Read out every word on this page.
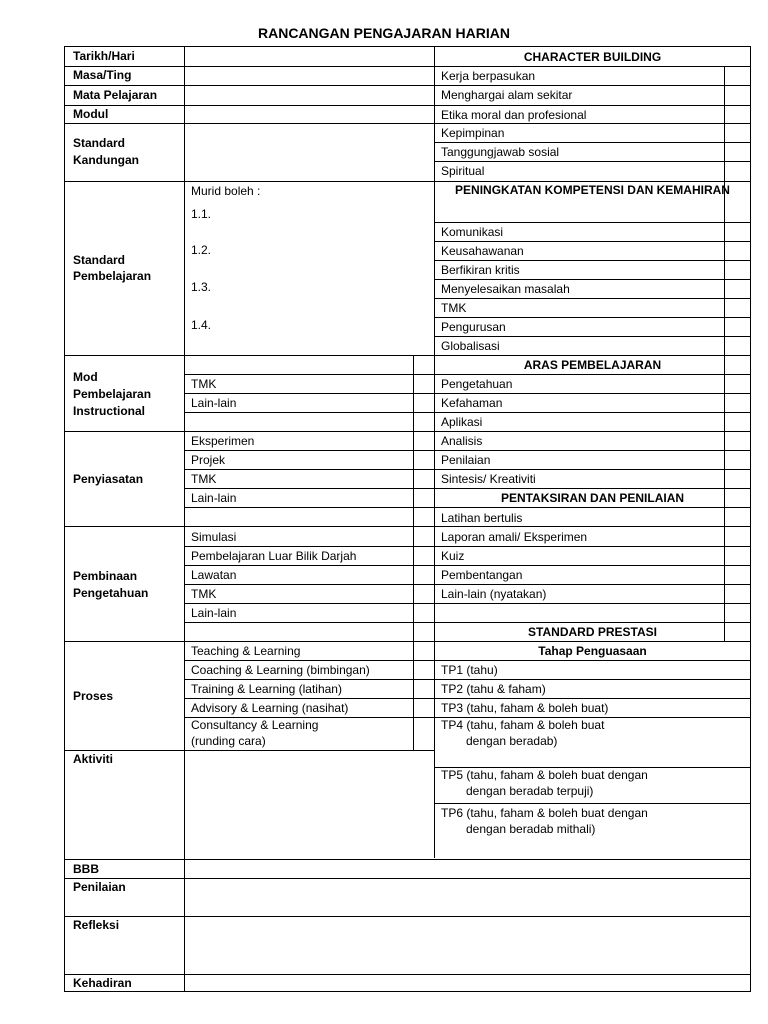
RANCANGAN PENGAJARAN HARIAN
Tarikh/Hari
Masa/Ting
Mata Pelajaran
Modul
Standard
Kandungan
Standard
Pembelajaran
Mod
Pembelajaran
Instructional
Penyiasatan
Pembinaan
Pengetahuan
Proses
Aktiviti
BBB
Penilaian
Refleksi
Kehadiran
Murid boleh :
1.1.
1.2.
1.3.
1.4.
TMK
Lain-lain
Eksperimen
Projek
TMK
Lain-lain
Simulasi
Pembelajaran Luar Bilik Darjah
Lawatan
TMK
Lain-lain
Teaching & Learning
Coaching & Learning (bimbingan)
Training & Learning (latihan)
Advisory & Learning (nasihat)
Consultancy & Learning
(runding cara)
CHARACTER BUILDING
Kerja berpasukan
Menghargai alam sekitar
Etika moral dan profesional
Kepimpinan
Tanggungjawab sosial
Spiritual
PENINGKATAN KOMPETENSI DAN KEMAHIRAN
Komunikasi
Keusahawanan
Berfikiran kritis
Menyelesaikan masalah
TMK
Pengurusan
Globalisasi
ARAS PEMBELAJARAN
Pengetahuan
Kefahaman
Aplikasi
Analisis
Penilaian
Sintesis/ Kreativiti
PENTAKSIRAN DAN PENILAIAN
Latihan bertulis
Laporan amali/ Eksperimen
Kuiz
Pembentangan
Lain-lain (nyatakan)
STANDARD PRESTASI
Tahap Penguasaan
TP1 (tahu)
TP2 (tahu & faham)
TP3 (tahu, faham & boleh buat)
TP4 (tahu, faham & boleh buat
dengan beradab)
TP5 (tahu, faham & boleh buat dengan
dengan beradab terpuji)
TP6 (tahu, faham & boleh buat dengan
dengan beradab mithali)
